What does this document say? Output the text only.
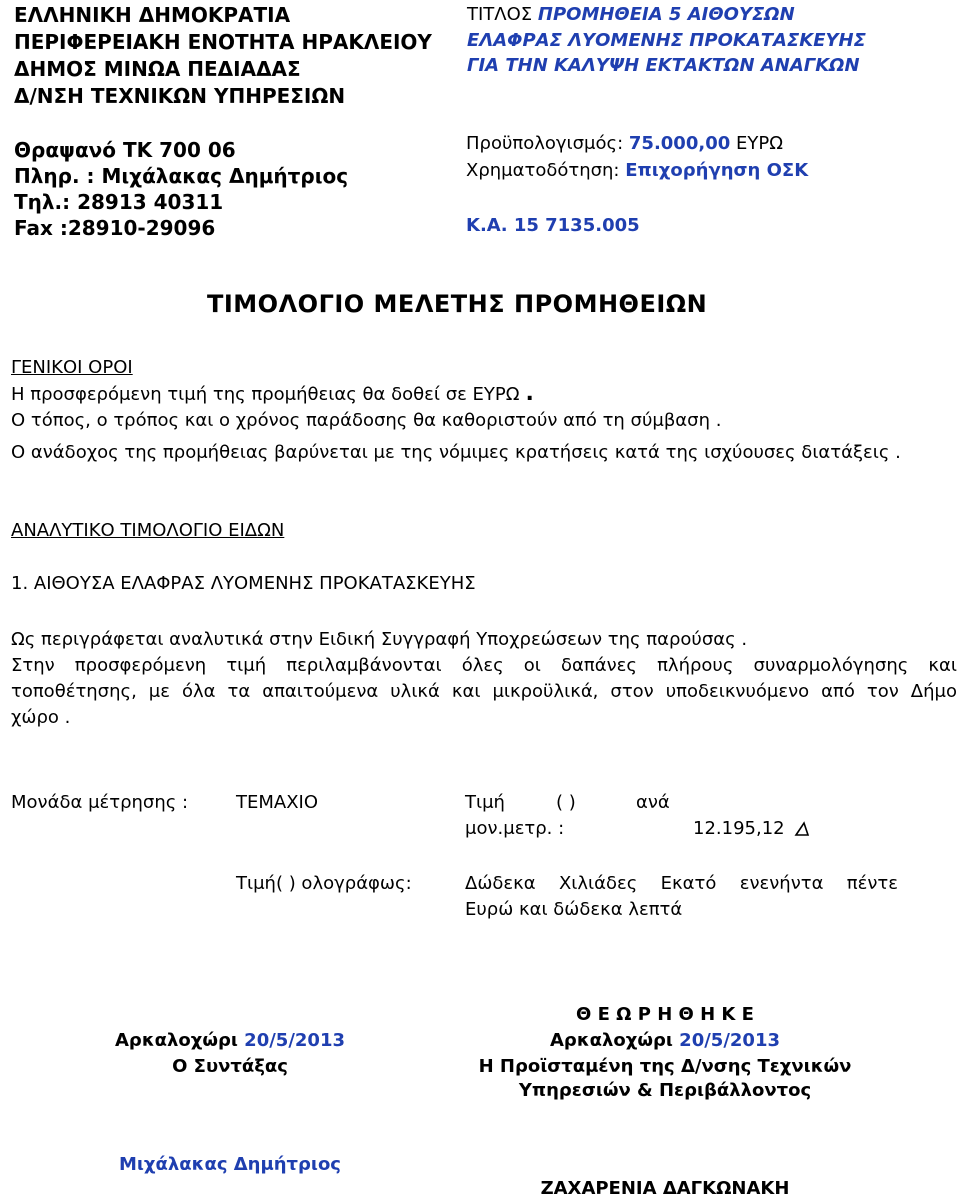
ΕΛΛΗΝΙΚΗ ΔΗΜΟΚΡΑΤΙΑ
ΠΕΡΙΦΕΡΕΙΑΚΗ ΕΝΟΤΗΤΑ ΗΡΑΚΛΕΙΟΥ
ΔΗΜΟΣ ΜΙΝΩΑ ΠΕΔΙΑΔΑΣ
Δ/ΝΣΗ ΤΕΧΝΙΚΩΝ ΥΠΗΡΕΣΙΩΝ
Θραψανό ΤΚ 700 06
Πληρ. : Μιχάλακας Δημήτριος
Τηλ.: 28913 40311
Fax :28910-29096
ΤΙΤΛΟΣ ΠΡΟΜΗΘΕΙΑ 5 ΑΙΘΟΥΣΩΝ
ΕΛΑΦΡΑΣ ΛΥΟΜΕΝΗΣ ΠΡΟΚΑΤΑΣΚΕΥΗΣ
ΓΙΑ ΤΗΝ ΚΑΛΥΨΗ ΕΚΤΑΚΤΩΝ ΑΝΑΓΚΩΝ
Προϋπολογισμός: 75.000,00 ΕΥΡΩ
Χρηματοδότηση: Επιχορήγηση ΟΣΚ
Κ.Α. 15 7135.005
ΤΙΜΟΛΟΓΙΟ ΜΕΛΕΤΗΣ ΠΡΟΜΗΘΕΙΩΝ
ΓΕΝΙΚΟΙ ΟΡΟΙ
Η προσφερόμενη τιμή της προμήθειας θα δοθεί σε ΕΥΡΩ .
Ο τόπος, ο τρόπος και ο χρόνος παράδοσης θα καθοριστούν από τη σύμβαση .
Ο ανάδοχος της προμήθειας βαρύνεται με της νόμιμες κρατήσεις κατά της ισχύουσες διατάξεις .
ΑΝΑΛΥΤΙΚΟ ΤΙΜΟΛΟΓΙΟ ΕΙΔΩΝ
1. ΑΙΘΟΥΣΑ ΕΛΑΦΡΑΣ ΛΥΟΜΕΝΗΣ ΠΡΟΚΑΤΑΣΚΕΥΗΣ
Ως περιγράφεται αναλυτικά στην Ειδική Συγγραφή Υποχρεώσεων της παρούσας .
Στην προσφερόμενη τιμή περιλαμβάνονται όλες οι δαπάνες πλήρους συναρμολόγησης και
τοποθέτησης, με όλα τα απαιτούμενα υλικά και μικροϋλικά, στον υποδεικνυόμενο από τον Δήμο
χώρο .
Μονάδα μέτρησης :	ΤΕΜΑΧΙΟ	Τιμή	( )	ανά
μον.μετρ. :	12.195,12
Τιμή( ) ολογράφως:	Δώδεκα Χιλιάδες Εκατό ενενήντα πέντε
Ευρώ και δώδεκα λεπτά
Αρκαλοχώρι 20/5/2013
Ο Συντάξας
Μιχάλακας Δημήτριος
Θ Ε Ω Ρ Η Θ Η Κ Ε
Αρκαλοχώρι 20/5/2013
Η Προϊσταμένη της Δ/νσης Τεχνικών
Υπηρεσιών & Περιβάλλοντος
ΖΑΧΑΡΕΝΙΑ ΔΑΓΚΩΝΑΚΗ
